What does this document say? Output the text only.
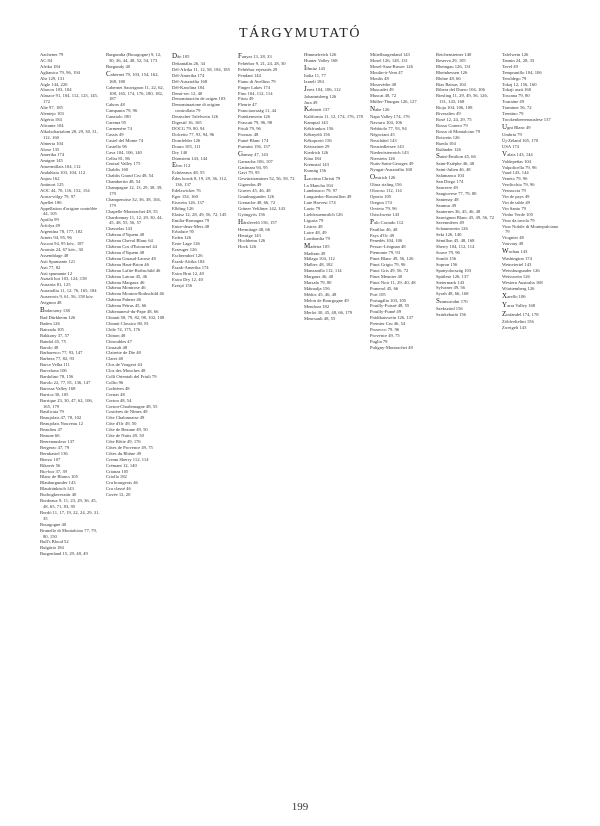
TÁRGYMUTATÓ
Aachener 79
AC 84
Afrika 184
Aglianico 79, 96, 194
Ahr 129, 131
Aigle 144, 220
Alarcos 103, 104
Alasace 91, 104, 112, 125, 145, 172
Alte 97, 185
Alentejo 103
Algéria 184
Alicante 104
Alkoholtartalom 28, 29, 30, 31, 112, 160
Almeria 104
Aloxe 135
Amerika 174
Amigne 145
Ansermillais 104, 112
Andalúzia 103, 104, 112
Anjou 162
Antinori 125
AOC 44, 70, 116, 152, 154
Aosta-völgy 79, 97
Apellet 186
Appellation d'origine contrôlée 44, 105
Aprilia 99
Árfolya 49
Argentína 78, 177, 182
Arneis 94, 95, 96
Asconi 94, 95 kóv., 187
Aromás 24, 67 kóv., 30
Assemblage 48
Asti Spumante 121
Asti 77, 82
Asti spumante 12
Asztali bor 103, 124, 158
Ausztria 81, 125
Ausztrália 11, 12, 76, 165, 184
Auxerrois 9, 61, 56, 158 kóv.
Avignon 48
Badacsony 138
Bad Dürkheim 126
Baden 126
Bairrada 105
Bakkony 37, 57
Bandol 45, 75
Barolo 48
Barbaresco 77, 93, 147
Barbera 77, 82, 93
Barca Velha 111
Barcelona 106
Bardolino 78, 156
Barolo 22, 77, 81, 136, 147
Barossa Valley 168
Barrica 30, 105
Barrique 23, 30, 47, 62, 106, 165, 179
Basilicata 79
Beaujolais 47, 78, 102
Beaujolais Nouveau 12
Beaulieu 47
Beaune 66
Beerenauslese 137
Bergerac 47, 79
Bernkastel 136
Bierzo 107
Bikavér 56
Bio-bor 37, 39
Blanc de Blancs 105
Blauburgunder 143
Blaufränkisch 143
Bodrogkeresztúr 40
Bordeaux 9, 11, 23, 29, 36, 45, 48, 65, 71, 83, 95
Bordó 11, 17, 19, 22, 24, 29, 31, 35
Bourgogne 40
Brunello di Montalcino 77, 79, 80, 150
Bull's Blood 52
Bulgária 184
Burgenland 15, 29, 48, 49
Burgundia (Bourgogne) 9, 12, 30, 36, 44, 48, 52, 54, 173
Burgundy 40
Cabernet 79, 103, 154, 162, 168, 180
Cabernet Sauvignon 11, 22, 62, 108, 165, 174, 176, 180, 182, 187
Cahors 48
Campania 79, 96
Canaiolo 180
Carema 95
Carmenère 74
Cassis 49
Castel del Monte 74
Castello 96
Cava 104, 106, 140
Cellar 81, 86
Central Valley 175
Chablis 160
Chablis Grand Cru 48, 54
Chambertin 48, 54
Champagne 12, 13, 29, 38, 39, 179
Champenoise 32, 36, 38, 104, 179
Chapelle-Montrachet 48, 55
Chardonnay 11, 12, 29, 30, 44, 45, 48, 55, 56, 57
Chasselas 143
Château d'Yquem 48
Château Cheval Blanc 64
Château Cos d'Estournel 44
Château d'Yquem 48
Château Gruaud-Larose 48
Château Haut-Brion 46
Château Lafite-Rothschild 46
Château Latour 45, 46
Château Margaux 46
Château Montrose 46
Château Mouton-Rothschild 46
Château Palmer 46
Château Pétrus 45, 66
Châteauneuf-du-Pape 48, 66
Chianti 58, 79, 82, 98, 102, 108
Chianti Classico 80, 81
Chile 74, 175, 176
Chinon 48
Chiroubles 47
Cinsault 48
Clairette de Die 48
Claret 48
Clos de Vougeot 44
Clos des Mouches 48
Colli Orientali del Friuli 79
Collio 96
Corbières 48
Cornas 48
Corton 48, 54
Corton-Charlemagne 48, 55
Costières de Nîmes 49
Côte Chalonnaise 49
Côte d'Or 49, 50
Côte de Beaune 49, 50
Côte de Nuits 49, 50
Côte Rôtie 49, 176
Côtes de Provence 49, 75
Côtes du Rhône 49
Cream Sherry 112, 114
Crémant 12, 140
Crianza 105
Criolla 182
Cru bourgeois 46
Cru classé 46
Cuvée 12, 20
Dão 105
Dekantálás 26, 34
Dél-Afrika 11, 12, 58, 184, 185
Dél-Amerika 174
Dél-Ausztrália 168
Dél-Karolina 184
Demi-sec 12, 40
Denominación de origen 103
Denominazione di origine controllata 79
Deutscher Tafelwein 126
Digestif 16, 165
DOCG 79, 80, 94
Dolcetto 77, 93, 94, 96
Dornfelder 126
Douro 105, 111
Dry 140
Dürnstein 143, 144
Ebro 112
Echézeaux 48, 55
Édes borok 8, 19, 29, 36, 112, 136, 137
Edelzwicker 76
Eger 154, 160
Eiswein 126, 137
Elbling 126
Elzász 12, 28, 49, 56, 72, 145
Emilia-Romagna 79
Entre-deux-Mers 48
Erbaluce 95
Erden 126
Erste Lage 126
Erzeuger 126
Escherndorf 126
Észak-Afrika 184
Észak-Amerika 174
Extra Brut 12, 40
Extra Dry 12, 40
Ezerjó 156
Fanyar 13, 28, 33
Fehérbor 9, 21, 24, 28, 30
Fehérbor erjesztés 29
Fendant 144
Fiano di Avellino 79
Finger Lakes 174
Fino 104, 112, 114
Fitou 49
Fleurie 47
Franciaország 11, 44
Frankenwein 126
Frascati 79, 96, 98
Friuli 79, 96
Fronsac 48
Fumé Blanc 174
Furmint 156, 157
Gamay 47, 143
Garnacha 106, 107
Gattinara 94, 95
Gavi 79, 95
Gewürztraminer 52, 56, 58, 72
Gigondas 49
Graves 45, 46, 48
Grauburgunder 126
Grenache 48, 66, 72
Grüner Veltliner 142, 143
Gyöngyös 156
Hárslevelű 156, 157
Hermitage 48, 66
Heurige 143
Hochheim 126
Hock 126
Himmelreich 126
Hunter Valley 168
Illmitz 143
Italia 11, 77
Izraeli 184
Jerez 104, 106, 112
Johannisberg 126
Jura 49
Kabinett 137
Kalifornia 11, 12, 174, 176, 178
Kamptal 143
Kékfrankos 156
Kéknyelű 156
Kékoportó 156
Kéziszüret 29
Kiedrich 126
Kína 184
Kremstal 143
Kunság 156
Lacrima Christi 79
La Mancha 104
Lambrusco 79, 97
Languedoc-Roussillon 49
Late Harvest 174
Lazio 79
Liebfrauenmilch 126
Liguria 79
Listrac 48
Loire 48, 49
Lombardia 79
Madeira 105
Madiran 49
Málaga 104, 112
Malbec 48, 182
Manzanilla 112, 114
Margaux 46, 48
Marsala 79, 80
Mátraalja 156
Médoc 45, 46, 48
Melon de Bourgogne 49
Mendoza 182
Merlot 30, 45, 48, 66, 179
Meursault 48, 55
Mittelburgenland 143
Mosel 126, 128, 131
Mosel-Saar-Ruwer 126
Moulin-à-Vent 47
Moulis 48
Mourvèdre 48
Muscadet 49
Muscat 48, 72
Müller-Thurgau 126, 127
Nahe 126
Napa Valley 174, 176
Navarra 104, 106
Nebbiolo 77, 93, 94
Négociant 45
Neuchâtel 143
Neusiedlersee 143
Niederösterreich 143
Nierstein 126
Nuits-Saint-Georges 49
Nyugat-Ausztrália 168
Oestrich 126
Olasz rizling 156
Oloroso 112, 114
Oporto 105
Oregon 174
Orvieto 79, 96
Ostschweiz 143
Palo Cortado 112
Pauillac 46, 48
Pays d'Oc 49
Penedès 104, 106
Pessac-Léognan 48
Piemonte 79, 93
Pinot Blanc 49, 56, 126
Pinot Grigio 79, 96
Pinot Gris 49, 56, 72
Pinot Meunier 40
Pinot Noir 11, 29, 40, 48
Pomerol 45, 66
Port 105
Portugália 103, 105
Pouilly-Fuissé 48, 55
Pouilly-Fumé 49
Prädikatswein 126, 137
Premier Cru 46, 54
Prosecco 79, 96
Provence 49, 75
Puglia 79
Puligny-Montrachet 48
Reichensteiner 140
Reserva 29, 105
Rheingau 126, 131
Rheinhessen 126
Rhône 48, 66
Rías Baixas 104
Ribera del Duero 104, 106
Riesling 11, 29, 49, 56, 126, 131, 143, 168
Rioja 104, 106, 108
Rivesaltes 49
Rosé 12, 24, 29, 75
Rosso Conero 79
Rosso di Montalcino 79
Rotwein 126
Rueda 104
Ruländer 126
Saint-Émilion 45, 66
Saint-Estèphe 46, 48
Saint-Julien 46, 48
Salamanca 104
San Diego 174
Sancerre 49
Sangiovese 77, 79, 80
Santenay 48
Saumur 49
Sauternes 36, 45, 46, 48
Sauvignon Blanc 45, 49, 56, 72
Savennières 49
Schaumwein 126
Sekt 126, 140
Sémillon 45, 48, 168
Sherry 104, 112, 114
Soave 79, 96
Somló 156
Sopron 156
Spanyolország 103
Spätlese 126, 137
Steiermark 143
Sylvaner 49, 56
Syrah 48, 66, 168
Szamorodni 170
Szekszárd 156
Szürkebarát 156
Tafelwein 126
Tannin 24, 28, 33
Tavel 49
Tempranillo 104, 106
Teroldego 79
Tokaj 12, 156, 160
Tokaji aszú 160
Toscana 79, 80
Touraine 49
Traminer 56, 72
Trentino 79
Trockenbeerenauslese 137
Ugni Blanc 49
Umbria 79
Új-Zéland 165, 170
USA 174
Valais 143, 144
Valdepeñas 104
Valpolicella 79, 96
Vaud 143, 144
Veneto 79, 96
Verdicchio 79, 96
Vernaccia 79
Vin de pays 49
Vin de table 49
Vin Santo 79
Vinho Verde 105
Vino da tavola 79
Vino Nobile di Montepulciano 79
Viognier 48
Vouvray 49
Wachau 143
Washington 174
Weinviertel 143
Weissburgunder 126
Weisswein 126
Western Australia 168
Württemberg 126
Xarello 106
Yarra Valley 168
Zinfandel 174, 178
Zöldveltelini 156
Zweigelt 143
199
